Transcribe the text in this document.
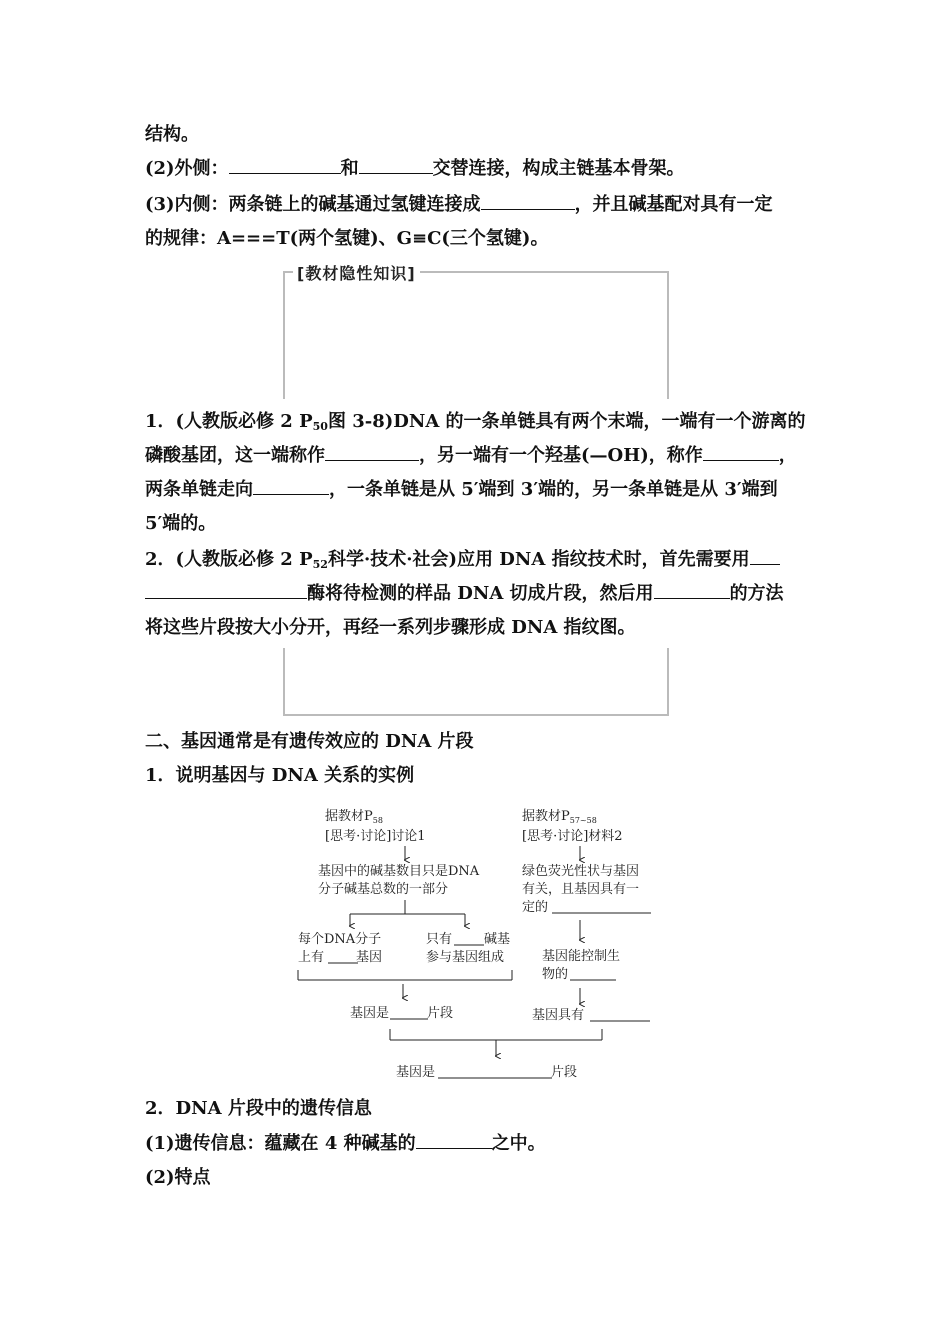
结构。
(2)外侧：	和	交替连接，构成主链基本骨架。
(3)内侧：两条链上的碱基通过氢键连接成	，并且碱基配对具有一定
的规律：A===T(两个氢键)、G≡C(三个氢键)。
[教材隐性知识]
1．(人教版必修 2 $P_{50}$图 3-8)DNA 的一条单链具有两个末端，一端有一个游离的
磷酸基团，这一端称作	，另一端有一个羟基(—OH)，称作	，
两条单链走向	，一条单链是从 5′端到 3′端的，另一条单链是从 3′端到
5′端的。
2．(人教版必修 2 $P_{52}$科学·技术·社会)应用 DNA 指纹技术时，首先需要用
酶将待检测的样品 DNA 切成片段，然后用	的方法
将这些片段按大小分开，再经一系列步骤形成 DNA 指纹图。
二、基因通常是有遗传效应的 DNA 片段
1．说明基因与 DNA 关系的实例
据教材$P_{58}$
[思考·讨论]讨论1
据教材$P_{57\sim 58}$
[思考·讨论]材料2
基因中的碱基数目只是DNA
分子碱基总数的一部分
绿色荧光性状与基因
有关，且基因具有一
定的
每个DNA分子
上有 基因
只有 碱基
参与基因组成	基因能控制生
物的
基因是	片段	基因具有
基因是	片段
2．DNA 片段中的遗传信息
(1)遗传信息：蕴藏在 4 种碱基的	之中。
(2)特点
